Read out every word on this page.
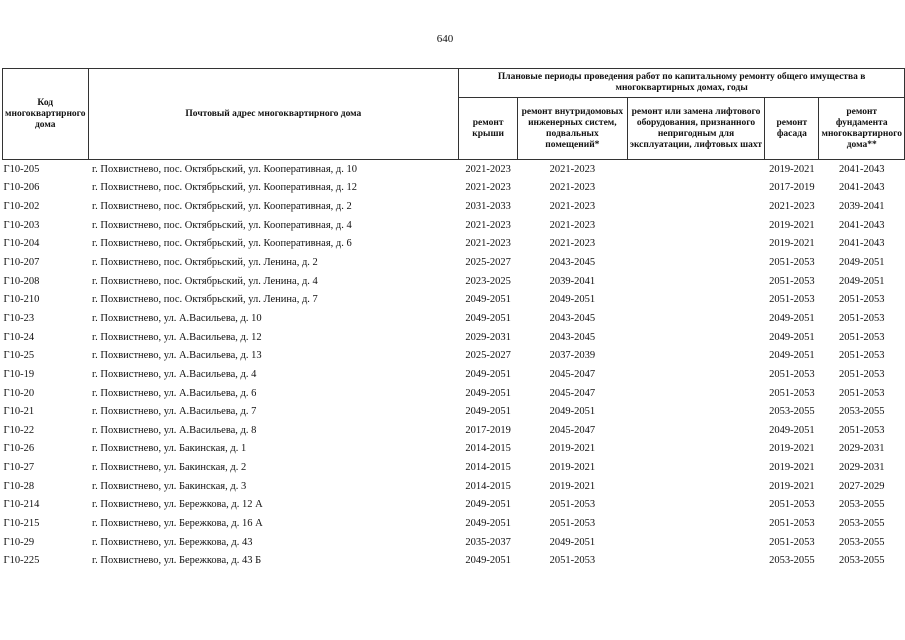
640
Код многоквартирного дома	Почтовый адрес многоквартирного дома	Плановые периоды проведения работ по капитальному ремонту общего имущества в многоквартирных домах, годы				
		ремонт крыши	ремонт внутридомовых инженерных систем, подвальных помещений*	ремонт или замена лифтового оборудования, признанного непригодным для эксплуатации, лифтовых шахт	ремонт фасада	ремонт фундамента многоквартирного дома**
Г10-205	г. Похвистнево, пос. Октябрьский, ул. Кооперативная, д. 10	2021-2023	2021-2023		2019-2021	2041-2043
Г10-206	г. Похвистнево, пос. Октябрьский, ул. Кооперативная, д. 12	2021-2023	2021-2023		2017-2019	2041-2043
Г10-202	г. Похвистнево, пос. Октябрьский, ул. Кооперативная, д. 2	2031-2033	2021-2023		2021-2023	2039-2041
Г10-203	г. Похвистнево, пос. Октябрьский, ул. Кооперативная, д. 4	2021-2023	2021-2023		2019-2021	2041-2043
Г10-204	г. Похвистнево, пос. Октябрьский, ул. Кооперативная, д. 6	2021-2023	2021-2023		2019-2021	2041-2043
Г10-207	г. Похвистнево, пос. Октябрьский, ул. Ленина, д. 2	2025-2027	2043-2045		2051-2053	2049-2051
Г10-208	г. Похвистнево, пос. Октябрьский, ул. Ленина, д. 4	2023-2025	2039-2041		2051-2053	2049-2051
Г10-210	г. Похвистнево, пос. Октябрьский, ул. Ленина, д. 7	2049-2051	2049-2051		2051-2053	2051-2053
Г10-23	г. Похвистнево, ул. А.Васильева, д. 10	2049-2051	2043-2045		2049-2051	2051-2053
Г10-24	г. Похвистнево, ул. А.Васильева, д. 12	2029-2031	2043-2045		2049-2051	2051-2053
Г10-25	г. Похвистнево, ул. А.Васильева, д. 13	2025-2027	2037-2039		2049-2051	2051-2053
Г10-19	г. Похвистнево, ул. А.Васильева, д. 4	2049-2051	2045-2047		2051-2053	2051-2053
Г10-20	г. Похвистнево, ул. А.Васильева, д. 6	2049-2051	2045-2047		2051-2053	2051-2053
Г10-21	г. Похвистнево, ул. А.Васильева, д. 7	2049-2051	2049-2051		2053-2055	2053-2055
Г10-22	г. Похвистнево, ул. А.Васильева, д. 8	2017-2019	2045-2047		2049-2051	2051-2053
Г10-26	г. Похвистнево, ул. Бакинская, д. 1	2014-2015	2019-2021		2019-2021	2029-2031
Г10-27	г. Похвистнево, ул. Бакинская, д. 2	2014-2015	2019-2021		2019-2021	2029-2031
Г10-28	г. Похвистнево, ул. Бакинская, д. 3	2014-2015	2019-2021		2019-2021	2027-2029
Г10-214	г. Похвистнево, ул. Бережкова, д. 12 А	2049-2051	2051-2053		2051-2053	2053-2055
Г10-215	г. Похвистнево, ул. Бережкова, д. 16 А	2049-2051	2051-2053		2051-2053	2053-2055
Г10-29	г. Похвистнево, ул. Бережкова, д. 43	2035-2037	2049-2051		2051-2053	2053-2055
Г10-225	г. Похвистнево, ул. Бережкова, д. 43 Б	2049-2051	2051-2053		2053-2055	2053-2055
